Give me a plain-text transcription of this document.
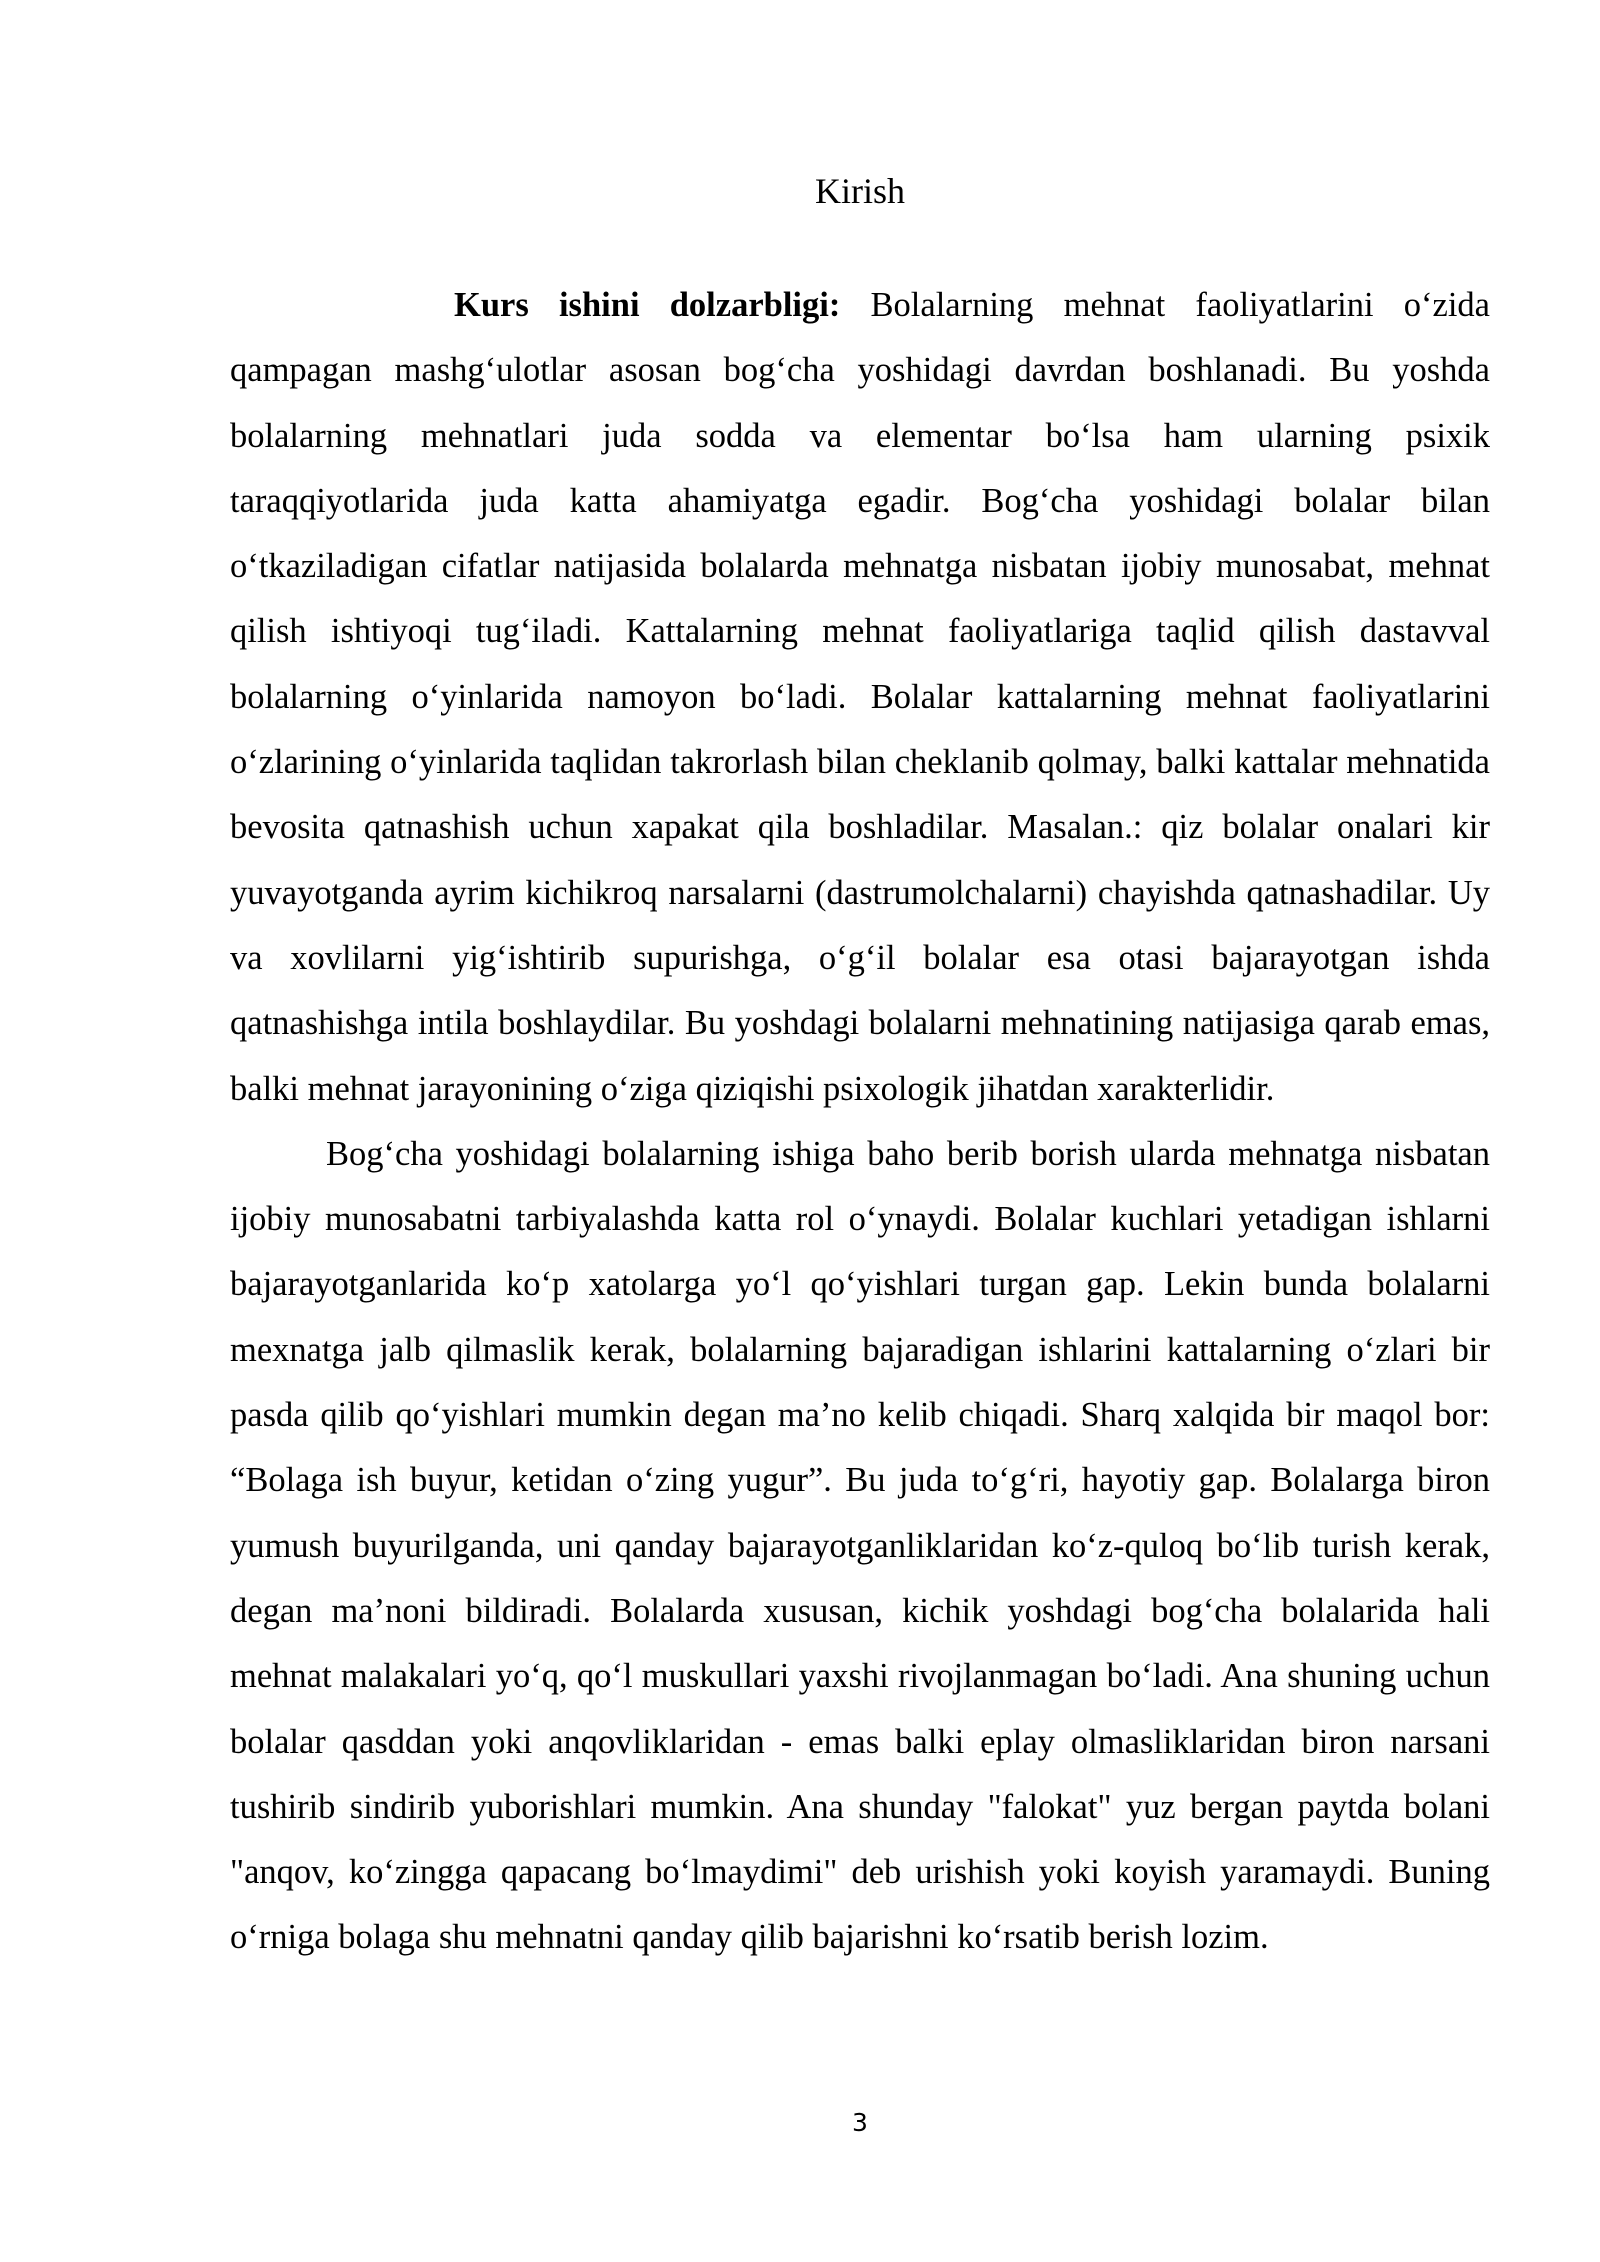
Kirish

Kurs ishini dolzarbligi: Bolalarning mehnat faoliyatlarini o‘zida qampagan mashg‘ulotlar asosan bog‘cha yoshidagi davrdan boshlanadi. Bu yoshda bolalarning mehnatlari juda sodda va elementar bo‘lsa ham ularning psixik taraqqiyotlarida juda katta ahamiyatga egadir. Bog‘cha yoshidagi bolalar bilan o‘tkaziladigan cifatlar natijasida bolalarda mehnatga nisbatan ijobiy munosabat, mehnat qilish ishtiyoqi tug‘iladi. Kattalarning mehnat faoliyatlariga taqlid qilish dastavval bolalarning o‘yinlarida namoyon bo‘ladi. Bolalar kattalarning mehnat faoliyatlarini o‘zlarining o‘yinlarida taqlidan takrorlash bilan cheklanib qolmay, balki kattalar mehnatida bevosita qatnashish uchun xapakat qila boshladilar. Masalan.: qiz bolalar onalari kir yuvayotganda ayrim kichikroq narsalarni (dastrumolchalarni) chayishda qatnashadilar. Uy va xovlilarni yig‘ishtirib supurishga, o‘g‘il bolalar esa otasi bajarayotgan ishda qatnashishga intila boshlaydilar. Bu yoshdagi bolalarni mehnatining natijasiga qarab emas, balki mehnat jarayonining o‘ziga qiziqishi psixologik jihatdan xarakterlidir.

Bog‘cha yoshidagi bolalarning ishiga baho berib borish ularda mehnatga nisbatan ijobiy munosabatni tarbiyalashda katta rol o‘ynaydi. Bolalar kuchlari yetadigan ishlarni bajarayotganlarida ko‘p xatolarga yo‘l qo‘yishlari turgan gap. Lekin bunda bolalarni mexnatga jalb qilmaslik kerak, bolalarning bajaradigan ishlarini kattalarning o‘zlari bir pasda qilib qo‘yishlari mumkin degan ma’no kelib chiqadi. Sharq xalqida bir maqol bor: “Bolaga ish buyur, ketidan o‘zing yugur”. Bu juda to‘g‘ri, hayotiy gap. Bolalarga biron yumush buyurilganda, uni qanday bajarayotganliklaridan ko‘z-quloq bo‘lib turish kerak, degan ma’noni bildiradi. Bolalarda xususan, kichik yoshdagi bog‘cha bolalarida hali mehnat malakalari yo‘q, qo‘l muskullari yaxshi rivojlanmagan bo‘ladi. Ana shuning uchun bolalar qasddan yoki anqovliklaridan - emas balki eplay olmasliklaridan biron narsani tushirib sindirib yuborishlari mumkin. Ana shunday "falokat" yuz bergan paytda bolani "anqov, ko‘zingga qapacang bo‘lmaydimi" deb urishish yoki koyish yaramaydi. Buning o‘rniga bolaga shu mehnatni qanday qilib bajarishni ko‘rsatib berish lozim.

3
